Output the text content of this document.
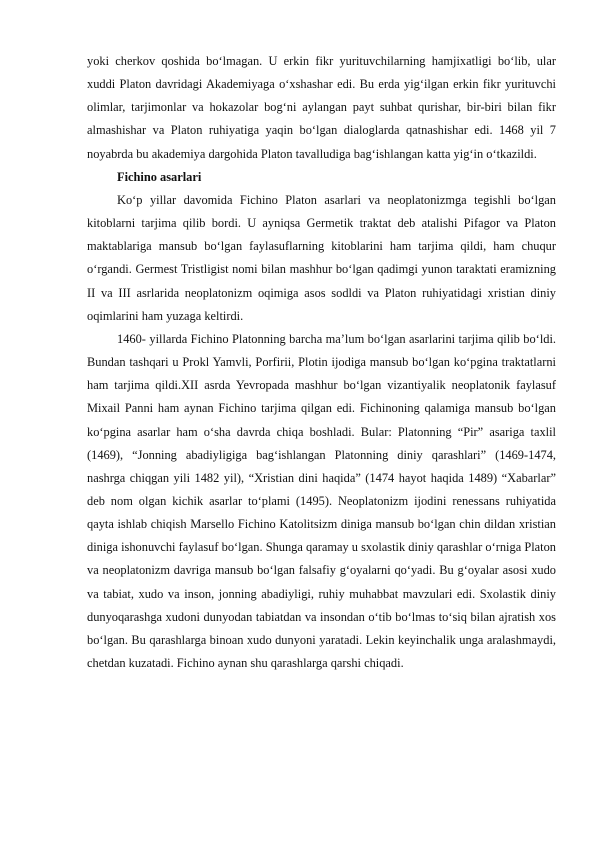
yoki cherkov qoshida bo‘lmagan. U erkin fikr yurituvchilarning hamjixatligi bo‘lib, ular xuddi Platon davridagi Akademiyaga o‘xshashar edi. Bu erda yig‘ilgan erkin fikr yurituvchi olimlar, tarjimonlar va hokazolar bog‘ni aylangan payt suhbat qurishar, bir-biri bilan fikr almashishar va Platon ruhiyatiga yaqin bo‘lgan dialoglarda qatnashishar edi. 1468 yil 7 noyabrda bu akademiya dargohida Platon tavalludiga bag‘ishlangan katta yig‘in o‘tkazildi.

Fichino asarlari

Ko‘p yillar davomida Fichino Platon asarlari va neoplatonizmga tegishli bo‘lgan kitoblarni tarjima qilib bordi. U ayniqsa Germetik traktat deb atalishi Pifagor va Platon maktablariga mansub bo‘lgan faylasuflarning kitoblarini ham tarjima qildi, ham chuqur o‘rgandi. Germest Tristligist nomi bilan mashhur bo‘lgan qadimgi yunon taraktati eramizning II va III asrlarida neoplatonizm oqimiga asos sodldi va Platon ruhiyatidagi xristian diniy oqimlarini ham yuzaga keltirdi.

1460- yillarda Fichino Platonning barcha ma’lum bo‘lgan asarlarini tarjima qilib bo‘ldi. Bundan tashqari u Prokl Yamvli, Porfirii, Plotin ijodiga mansub bo‘lgan ko‘pgina traktatlarni ham tarjima qildi.XII asrda Yevropada mashhur bo‘lgan vizantiyalik neoplatonik faylasuf Mixail Panni ham aynan Fichino tarjima qilgan edi. Fichinoning qalamiga mansub bo‘lgan ko‘pgina asarlar ham o‘sha davrda chiqa boshladi. Bular: Platonning “Pir” asariga taxlil (1469), “Jonning abadiyligiga bag‘ishlangan Platonning diniy qarashlari” (1469-1474, nashrga chiqgan yili 1482 yil), “Xristian dini haqida” (1474 hayot haqida 1489) “Xabarlar” deb nom olgan kichik asarlar to‘plami (1495). Neoplatonizm ijodini renessans ruhiyatida qayta ishlab chiqish Marsello Fichino Katolitsizm diniga mansub bo‘lgan chin dildan xristian diniga ishonuvchi faylasuf bo‘lgan. Shunga qaramay u sxolastik diniy qarashlar o‘rniga Platon va neoplatonizm davriga mansub bo‘lgan falsafiy g‘oyalarni qo‘yadi. Bu g‘oyalar asosi xudo va tabiat, xudo va inson, jonning abadiyligi, ruhiy muhabbat mavzulari edi. Sxolastik diniy dunyoqarashga xudoni dunyodan tabiatdan va insondan o‘tib bo‘lmas to‘siq bilan ajratish xos bo‘lgan. Bu qarashlarga binoan xudo dunyoni yaratadi. Lekin keyinchalik unga aralashmaydi, chetdan kuzatadi. Fichino aynan shu qarashlarga qarshi chiqadi.
